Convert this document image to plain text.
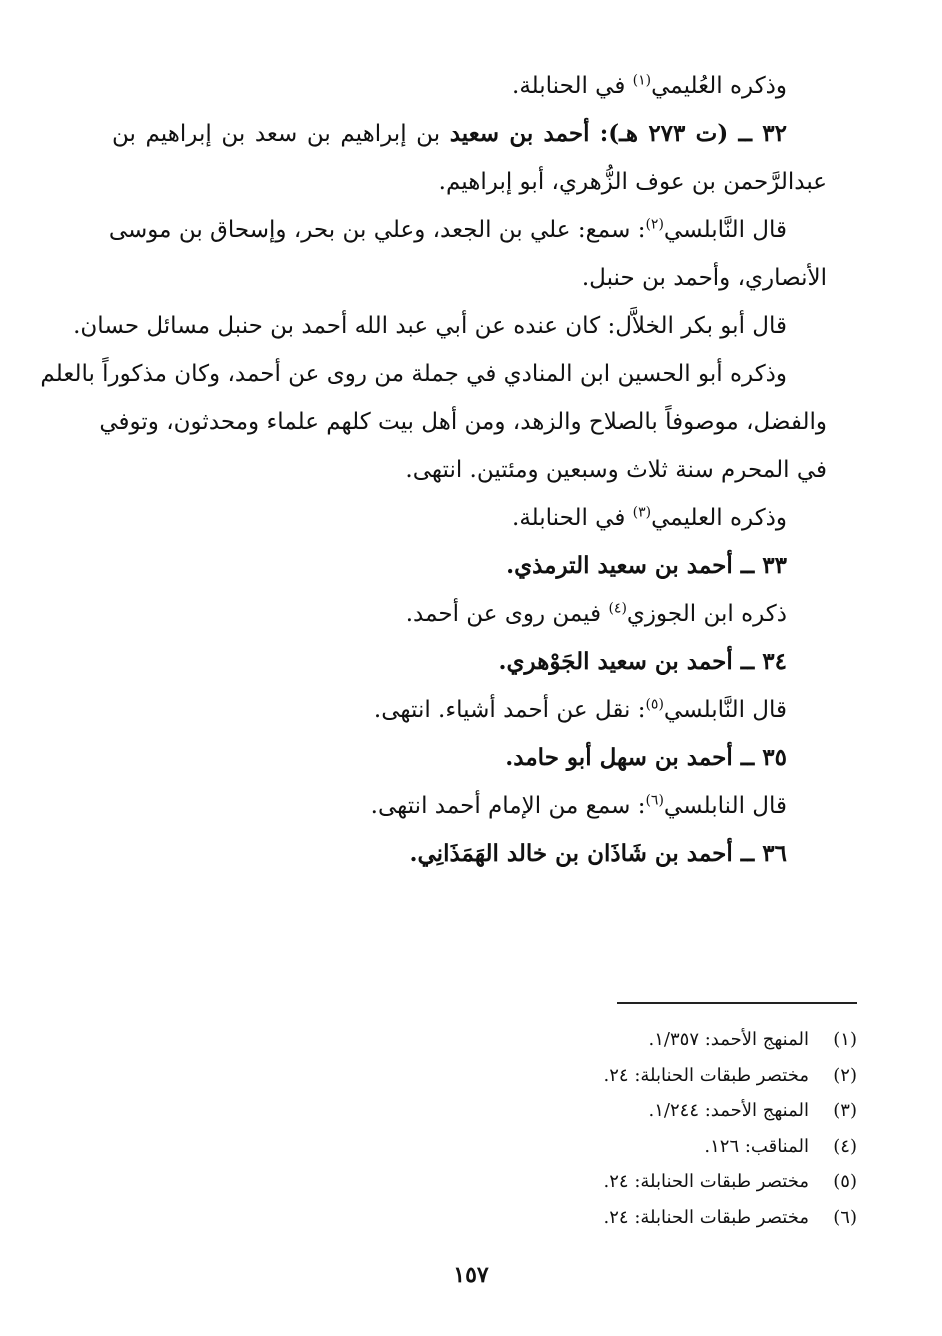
وذكره العُليمي$^{(١)}$ في الحنابلة.
٣٢ ــ (ت ٢٧٣ هـ): أحمد بن سعيد بن إبراهيم بن سعد بن إبراهيم بن
عبدالرَّحمن بن عوف الزُّهري، أبو إبراهيم.
قال النَّابلسي$^{(٢)}$: سمع: علي بن الجعد، وعلي بن بحر، وإسحاق بن موسى
الأنصاري، وأحمد بن حنبل.
قال أبو بكر الخلاَّل: كان عنده عن أبي عبد الله أحمد بن حنبل مسائل حسان.
وذكره أبو الحسين ابن المنادي في جملة من روى عن أحمد، وكان مذكوراً بالعلم
والفضل، موصوفاً بالصلاح والزهد، ومن أهل بيت كلهم علماء ومحدثون، وتوفي
في المحرم سنة ثلاث وسبعين ومئتين. انتهى.
وذكره العليمي$^{(٣)}$ في الحنابلة.
٣٣ ــ أحمد بن سعيد الترمذي.
ذكره ابن الجوزي$^{(٤)}$ فيمن روى عن أحمد.
٣٤ ــ أحمد بن سعيد الجَوْهري.
قال النَّابلسي$^{(٥)}$: نقل عن أحمد أشياء. انتهى.
٣٥ ــ أحمد بن سهل أبو حامد.
قال النابلسي$^{(٦)}$: سمع من الإمام أحمد انتهى.
٣٦ ــ أحمد بن شَاذَان بن خالد الهَمَذَانِي.
(١)المنهج الأحمد: ١/٣٥٧.
(٢)مختصر طبقات الحنابلة: ٢٤.
(٣)المنهج الأحمد: ١/٢٤٤.
(٤)المناقب: ١٢٦.
(٥)مختصر طبقات الحنابلة: ٢٤.
(٦)مختصر طبقات الحنابلة: ٢٤.
١٥٧
